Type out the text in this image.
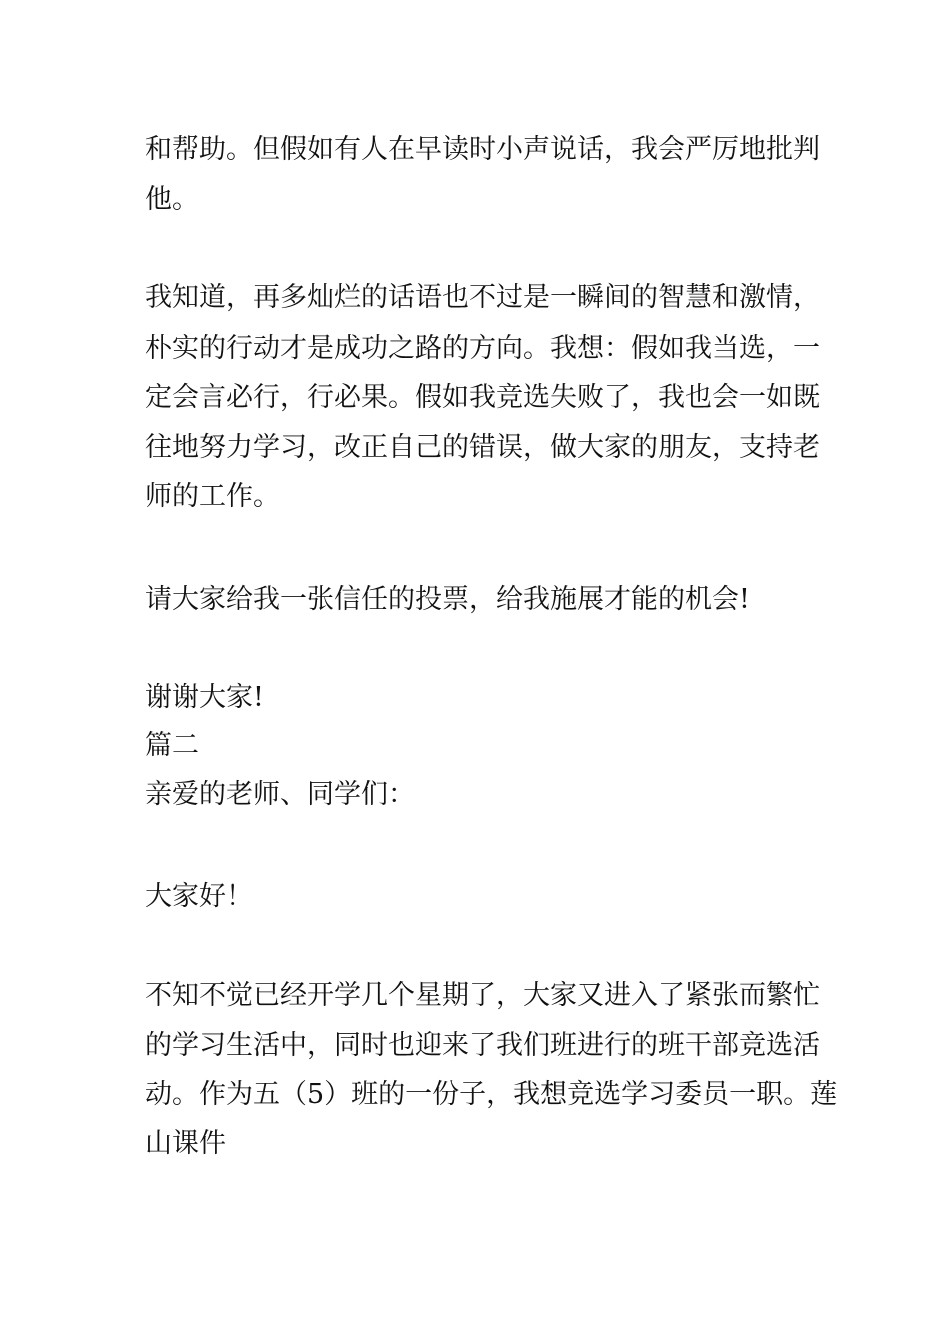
和帮助。但假如有人在早读时小声说话，我会严厉地批判
他。
我知道，再多灿烂的话语也不过是一瞬间的智慧和激情，
朴实的行动才是成功之路的方向。我想：假如我当选，一
定会言必行，行必果。假如我竞选失败了，我也会一如既
往地努力学习，改正自己的错误，做大家的朋友，支持老
师的工作。
请大家给我一张信任的投票，给我施展才能的机会!
谢谢大家!
篇二
亲爱的老师、同学们：
大家好！
不知不觉已经开学几个星期了，大家又进入了紧张而繁忙
的学习生活中，同时也迎来了我们班进行的班干部竞选活
动。作为五（5）班的一份子，我想竞选学习委员一职。莲
山课件
